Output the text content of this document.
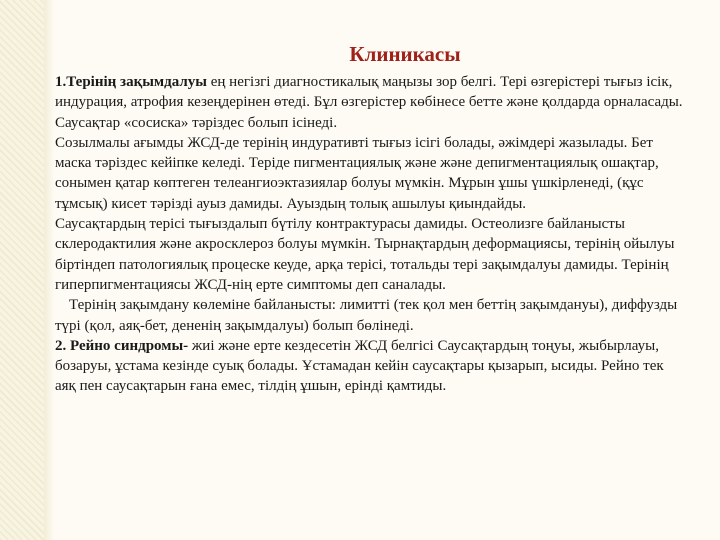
Клиникасы

1.Терінің зақымдалуы ең негізгі диагностикалық маңызы зор белгі. Тері өзгерістері тығыз ісік, индурация, атрофия кезеңдерінен өтеді. Бұл өзгерістер көбінесе бетте және қолдарда орналасады. Саусақтар «сосиска» тәріздес болып ісінеді.

Созылмалы ағымды ЖСД-де терінің индуративті тығыз ісігі болады, әжімдері жазылады. Бет маска тәріздес кейіпке келеді. Теріде пигментациялық және және депигментациялық ошақтар, сонымен қатар көптеген телеангиоэктазиялар болуы мүмкін. Мұрын ұшы үшкірленеді, (құс тұмсық) кисет тәрізді ауыз дамиды. Ауыздың толық ашылуы қиындайды.

Саусақтардың терісі тығыздалып бүтілу контрактурасы дамиды. Остеолизге байланысты склеродактилия және акросклероз болуы мүмкін. Тырнақтардың деформациясы, терінің ойылуы біртіндеп патологиялық процеске кеуде, арқа терісі, тотальды тері зақымдалуы дамиды. Терінің гиперпигментациясы ЖСД-нің ерте симптомы деп саналады.

Терінің зақымдану көлеміне байланысты: лимитті (тек қол мен беттің зақымдануы), диффузды түрі (қол, аяқ-бет, дененің зақымдалуы) болып бөлінеді.

2. Рейно синдромы- жиі және ерте кездесетін ЖСД белгісі Саусақтардың тоңуы, жыбырлауы, бозаруы, ұстама кезінде суық болады. Ұстамадан кейін саусақтары қызарып, ысиды. Рейно тек аяқ пен саусақтарын ғана емес, тілдің ұшын, ерінді қамтиды.
